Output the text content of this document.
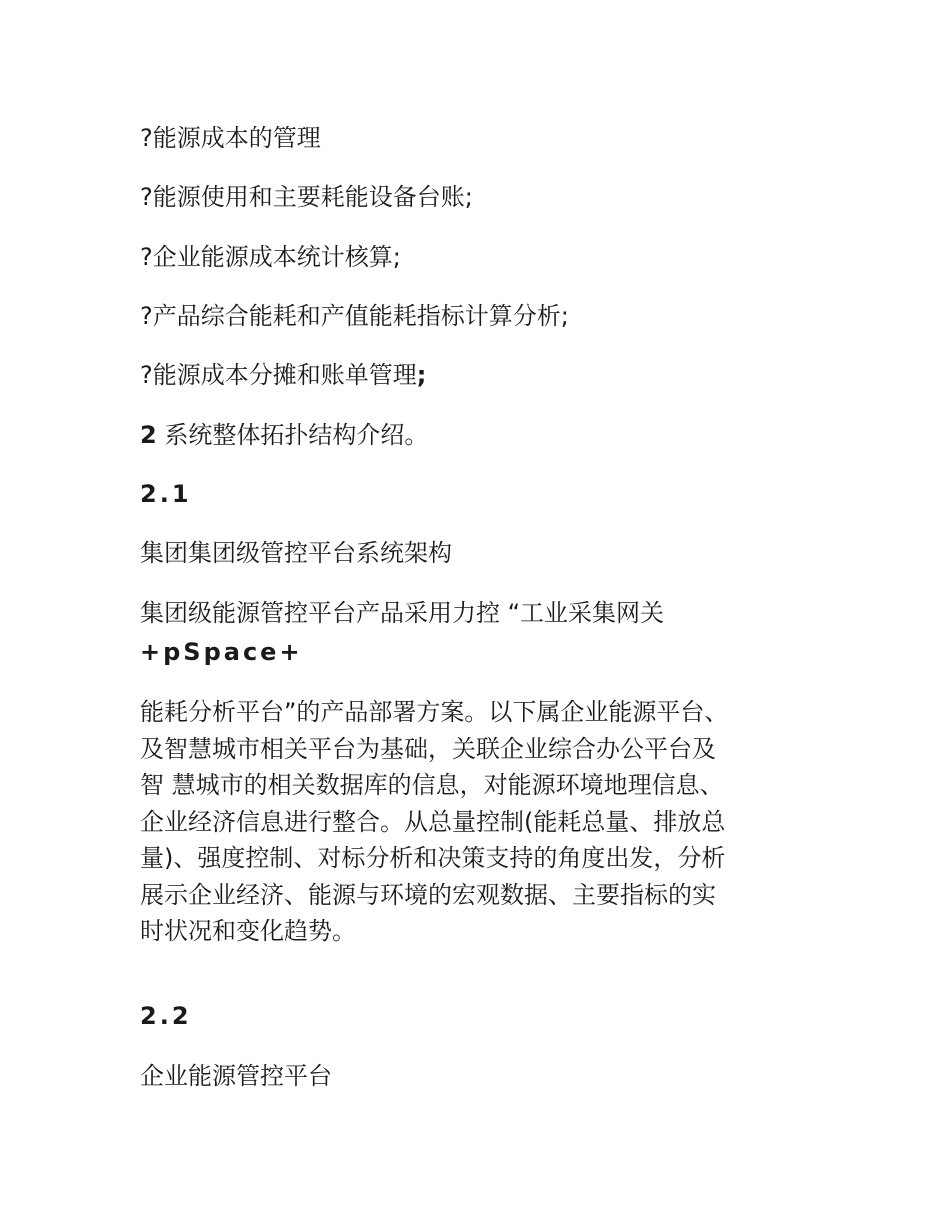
?能源成本的管理
?能源使用和主要耗能设备台账;
?企业能源成本统计核算;
?产品综合能耗和产值能耗指标计算分析;
?能源成本分摊和账单管理;
2 系统整体拓扑结构介绍。
2.1
集团集团级管控平台系统架构
集团级能源管控平台产品采用力控 “工业采集网关
+pSpace+
能耗分析平台”的产品部署方案。以下属企业能源平台、
及智慧城市相关平台为基础，关联企业综合办公平台及
智 慧城市的相关数据库的信息，对能源环境地理信息、
企业经济信息进行整合。从总量控制(能耗总量、排放总
量)、强度控制、对标分析和决策支持的角度出发，分析
展示企业经济、能源与环境的宏观数据、主要指标的实
时状况和变化趋势。
2.2
企业能源管控平台
